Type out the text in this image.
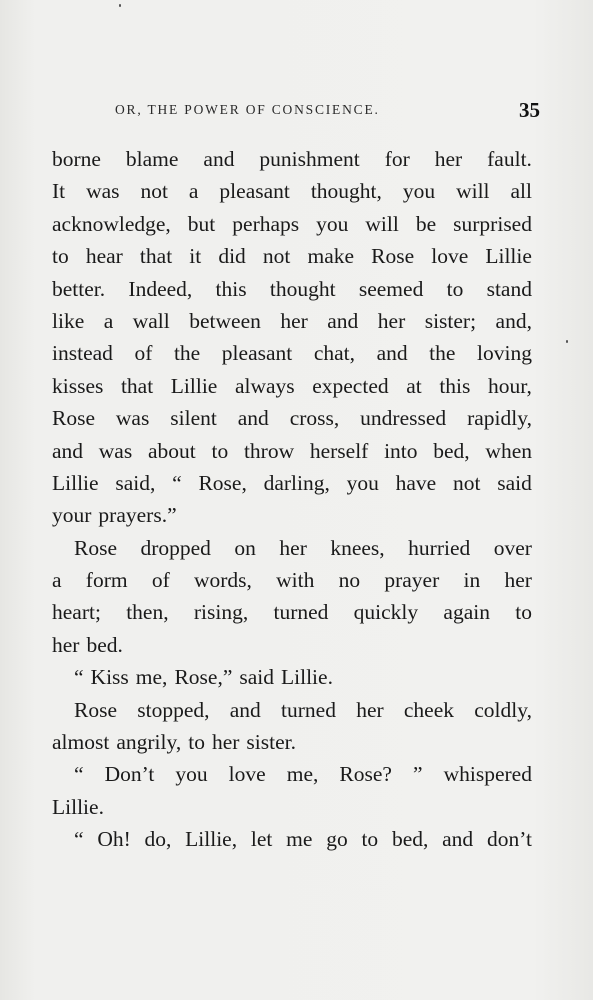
OR, THE POWER OF CONSCIENCE.	35
borne blame and punishment for her fault.
It was not a pleasant thought, you will all
acknowledge, but perhaps you will be surprised
to hear that it did not make Rose love Lillie
better. Indeed, this thought seemed to stand
like a wall between her and her sister; and,
instead of the pleasant chat, and the loving
kisses that Lillie always expected at this hour,
Rose was silent and cross, undressed rapidly,
and was about to throw herself into bed, when
Lillie said, “ Rose, darling, you have not said
your prayers.”
Rose dropped on her knees, hurried over
a form of words, with no prayer in her
heart; then, rising, turned quickly again to
her bed.
“ Kiss me, Rose,” said Lillie.
Rose stopped, and turned her cheek coldly,
almost angrily, to her sister.
“ Don’t you love me, Rose? ” whispered
Lillie.
“ Oh! do, Lillie, let me go to bed, and don’t
